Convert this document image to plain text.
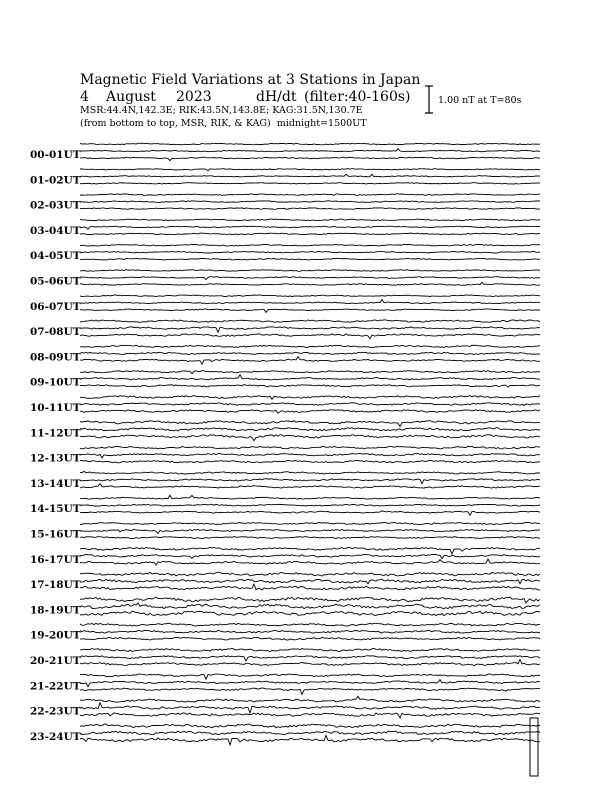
Magnetic Field Variations at 3 Stations in Japan
4 August 2023	dH/dt (filter:40-160s)
MSR:44.4N,142.3E; RIK:43.5N,143.8E; KAG:31.5N,130.7E
(from bottom to top, MSR, RIK, & KAG) midnight=1500UT
1.00 nT at T=80s
00-01UT
01-02UT
02-03UT
03-04UT
04-05UT
05-06UT
06-07UT
07-08UT
08-09UT
09-10UT
10-11UT
11-12UT
12-13UT
13-14UT
14-15UT
15-16UT
16-17UT
17-18UT
18-19UT
19-20UT
20-21UT
21-22UT
22-23UT
23-24UT
